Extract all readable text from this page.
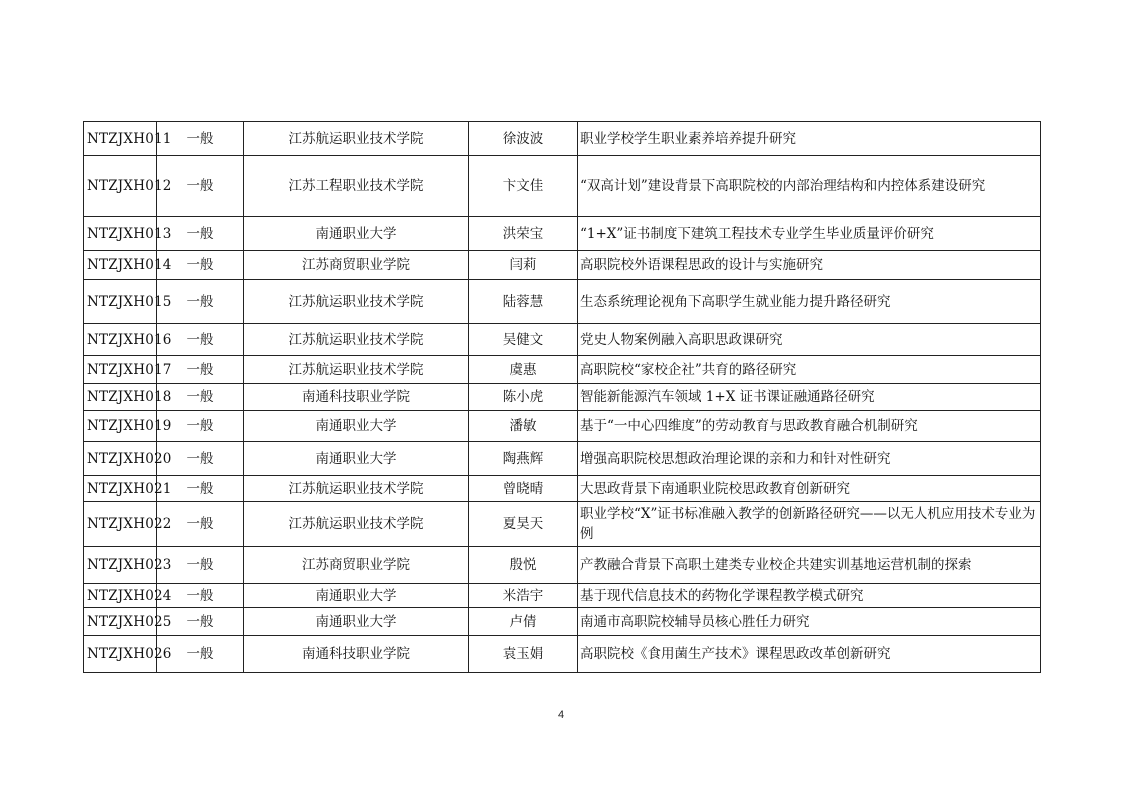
NTZJXH011	一般	江苏航运职业技术学院	徐波波	职业学校学生职业素养培养提升研究
NTZJXH012	一般	江苏工程职业技术学院	卞文佳	“双高计划”建设背景下高职院校的内部治理结构和内控体系建设研究
NTZJXH013	一般	南通职业大学	洪荣宝	“1+X”证书制度下建筑工程技术专业学生毕业质量评价研究
NTZJXH014	一般	江苏商贸职业学院	闫莉	高职院校外语课程思政的设计与实施研究
NTZJXH015	一般	江苏航运职业技术学院	陆蓉慧	生态系统理论视角下高职学生就业能力提升路径研究
NTZJXH016	一般	江苏航运职业技术学院	吴健文	党史人物案例融入高职思政课研究
NTZJXH017	一般	江苏航运职业技术学院	虞惠	高职院校“家校企社”共育的路径研究
NTZJXH018	一般	南通科技职业学院	陈小虎	智能新能源汽车领域 1+X 证书课证融通路径研究
NTZJXH019	一般	南通职业大学	潘敏	基于“一中心四维度”的劳动教育与思政教育融合机制研究
NTZJXH020	一般	南通职业大学	陶燕辉	增强高职院校思想政治理论课的亲和力和针对性研究
NTZJXH021	一般	江苏航运职业技术学院	曾晓晴	大思政背景下南通职业院校思政教育创新研究
NTZJXH022	一般	江苏航运职业技术学院	夏昊天	职业学校“X”证书标准融入教学的创新路径研究——以无人机应用技术专业为例
NTZJXH023	一般	江苏商贸职业学院	殷悦	产教融合背景下高职土建类专业校企共建实训基地运营机制的探索
NTZJXH024	一般	南通职业大学	米浩宇	基于现代信息技术的药物化学课程教学模式研究
NTZJXH025	一般	南通职业大学	卢倩	南通市高职院校辅导员核心胜任力研究
NTZJXH026	一般	南通科技职业学院	袁玉娟	高职院校《食用菌生产技术》课程思政改革创新研究
4
